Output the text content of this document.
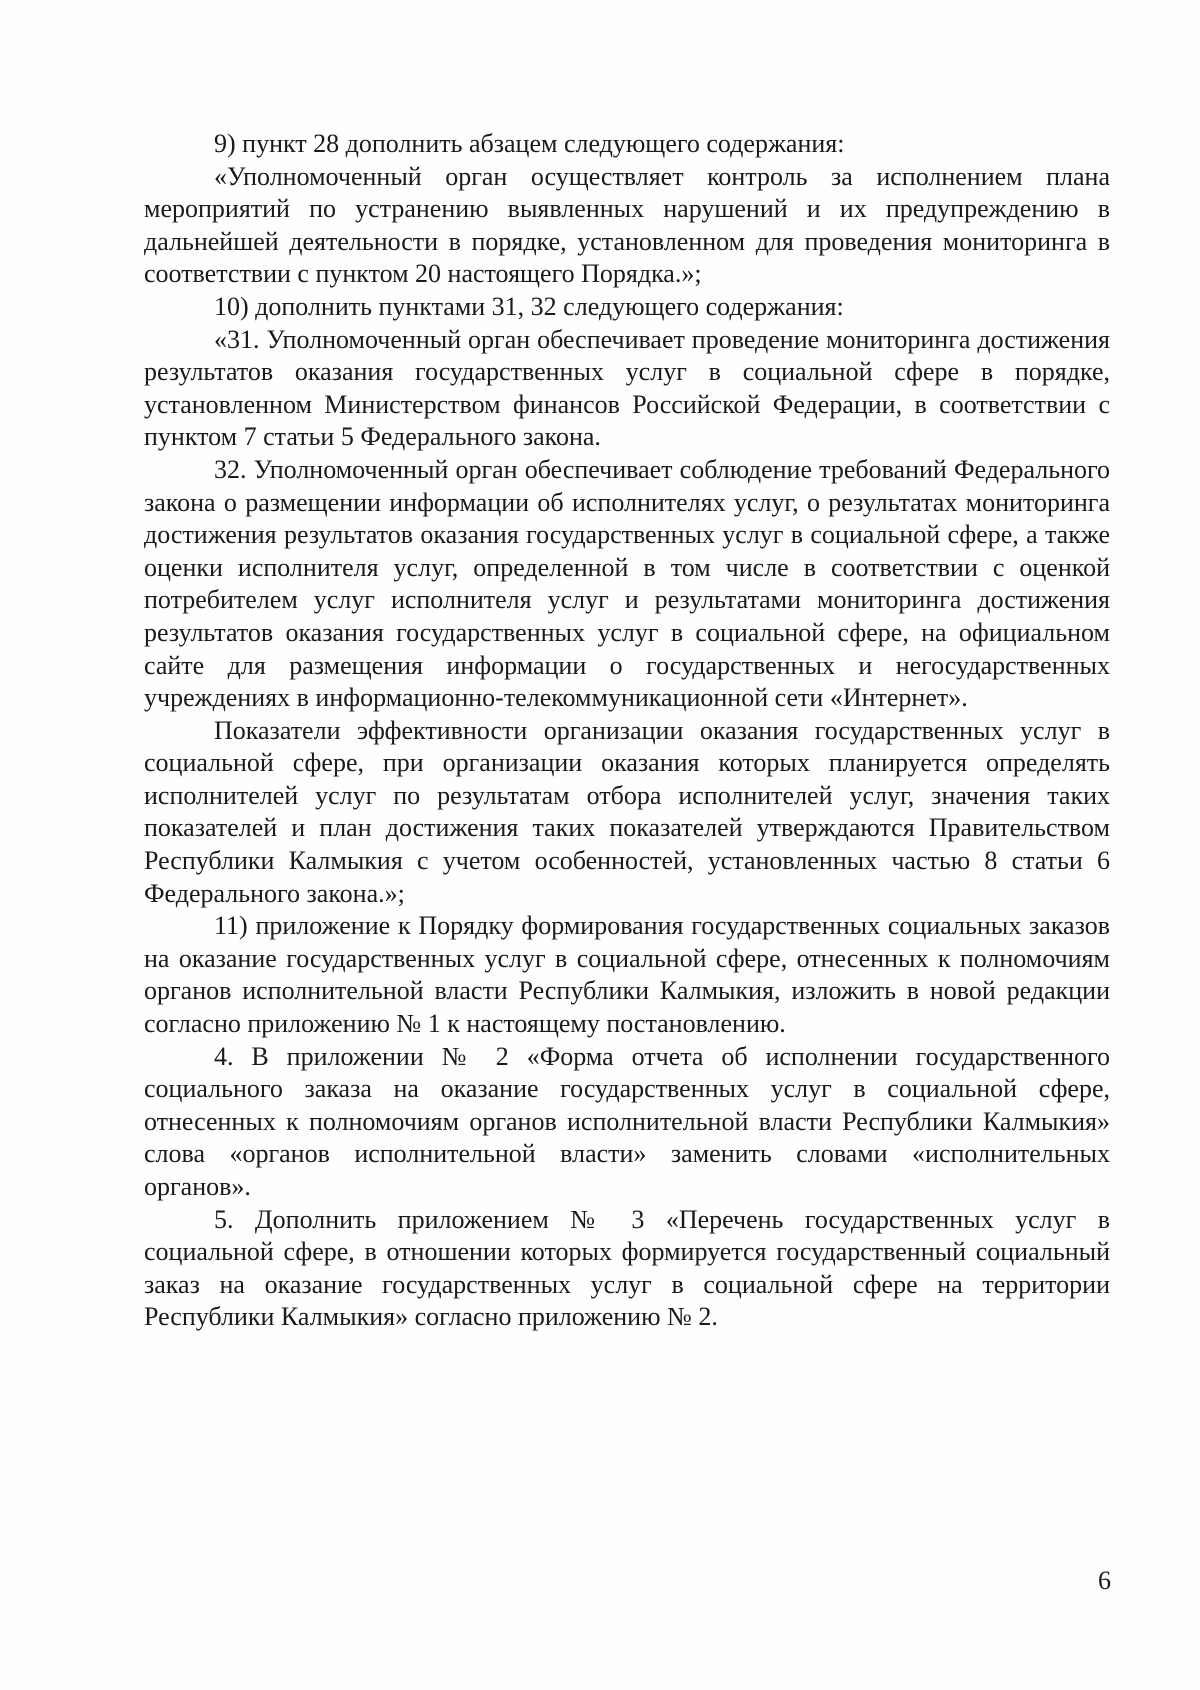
9) пункт 28 дополнить абзацем следующего содержания:

«Уполномоченный орган осуществляет контроль за исполнением плана мероприятий по устранению выявленных нарушений и их предупреждению в дальнейшей деятельности в порядке, установленном для проведения мониторинга в соответствии с пунктом 20 настоящего Порядка.»;

10) дополнить пунктами 31, 32 следующего содержания:

«31. Уполномоченный орган обеспечивает проведение мониторинга достижения результатов оказания государственных услуг в социальной сфере в порядке, установленном Министерством финансов Российской Федерации, в соответствии с пунктом 7 статьи 5 Федерального закона.

32. Уполномоченный орган обеспечивает соблюдение требований Федерального закона о размещении информации об исполнителях услуг, о результатах мониторинга достижения результатов оказания государственных услуг в социальной сфере, а также оценки исполнителя услуг, определенной в том числе в соответствии с оценкой потребителем услуг исполнителя услуг и результатами мониторинга достижения результатов оказания государственных услуг в социальной сфере, на официальном сайте для размещения информации о государственных и негосударственных учреждениях в информационно-телекоммуникационной сети «Интернет».

Показатели эффективности организации оказания государственных услуг в социальной сфере, при организации оказания которых планируется определять исполнителей услуг по результатам отбора исполнителей услуг, значения таких показателей и план достижения таких показателей утверждаются Правительством Республики Калмыкия с учетом особенностей, установленных частью 8 статьи 6 Федерального закона.»;

11) приложение к Порядку формирования государственных социальных заказов на оказание государственных услуг в социальной сфере, отнесенных к полномочиям органов исполнительной власти Республики Калмыкия, изложить в новой редакции согласно приложению № 1 к настоящему постановлению.

4. В приложении № 2 «Форма отчета об исполнении государственного социального заказа на оказание государственных услуг в социальной сфере, отнесенных к полномочиям органов исполнительной власти Республики Калмыкия» слова «органов исполнительной власти» заменить словами «исполнительных органов».

5. Дополнить приложением № 3 «Перечень государственных услуг в социальной сфере, в отношении которых формируется государственный социальный заказ на оказание государственных услуг в социальной сфере на территории Республики Калмыкия» согласно приложению № 2.

6
